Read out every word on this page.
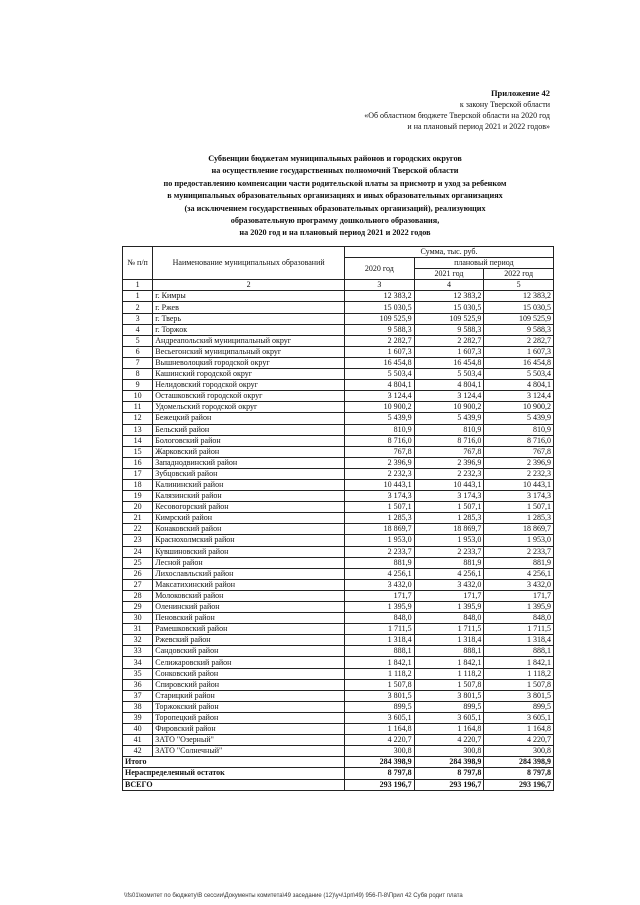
Приложение 42
к закону Тверской области
«Об областном бюджете Тверской области на 2020 год
и на плановый период 2021 и 2022 годов»
Субвенции бюджетам муниципальных районов и городских округов
на осуществление государственных полномочий Тверской области
по предоставлению компенсации части родительской платы за присмотр и уход за ребенком
в муниципальных образовательных организациях и иных образовательных организациях
(за исключением государственных образовательных организаций), реализующих
образовательную программу дошкольного образования,
на 2020 год и на плановый период 2021 и 2022 годов
№ п/п	Наименование муниципальных образований	Сумма, тыс. руб.		
		2020 год	плановый период	
			2021 год	2022 год
1	2	3	4	5
1	г. Кимры	12 383,2	12 383,2	12 383,2
2	г. Ржев	15 030,5	15 030,5	15 030,5
3	г. Тверь	109 525,9	109 525,9	109 525,9
4	г. Торжок	9 588,3	9 588,3	9 588,3
5	Андреапольский муниципальный округ	2 282,7	2 282,7	2 282,7
6	Весьегонский муниципальный округ	1 607,3	1 607,3	1 607,3
7	Вышневолоцкий городской округ	16 454,8	16 454,8	16 454,8
8	Кашинский городской округ	5 503,4	5 503,4	5 503,4
9	Нелидовский городской округ	4 804,1	4 804,1	4 804,1
10	Осташковский городской округ	3 124,4	3 124,4	3 124,4
11	Удомельский городской округ	10 900,2	10 900,2	10 900,2
12	Бежецкий район	5 439,9	5 439,9	5 439,9
13	Бельский район	810,9	810,9	810,9
14	Бологовский район	8 716,0	8 716,0	8 716,0
15	Жарковский район	767,8	767,8	767,8
16	Западнодвинский район	2 396,9	2 396,9	2 396,9
17	Зубцовский район	2 232,3	2 232,3	2 232,3
18	Калининский район	10 443,1	10 443,1	10 443,1
19	Калязинский район	3 174,3	3 174,3	3 174,3
20	Кесовогорский район	1 507,1	1 507,1	1 507,1
21	Кимрский район	1 285,3	1 285,3	1 285,3
22	Конаковский район	18 869,7	18 869,7	18 869,7
23	Краснохолмский район	1 953,0	1 953,0	1 953,0
24	Кувшиновский район	2 233,7	2 233,7	2 233,7
25	Лесной район	881,9	881,9	881,9
26	Лихославльский район	4 256,1	4 256,1	4 256,1
27	Максатихинский район	3 432,0	3 432,0	3 432,0
28	Молоковский район	171,7	171,7	171,7
29	Оленинский район	1 395,9	1 395,9	1 395,9
30	Пеновский район	848,0	848,0	848,0
31	Рамешковский район	1 711,5	1 711,5	1 711,5
32	Ржевский район	1 318,4	1 318,4	1 318,4
33	Сандовский район	888,1	888,1	888,1
34	Селижаровский район	1 842,1	1 842,1	1 842,1
35	Сонковский район	1 118,2	1 118,2	1 118,2
36	Спировский район	1 507,8	1 507,8	1 507,8
37	Старицкий район	3 801,5	3 801,5	3 801,5
38	Торжокский район	899,5	899,5	899,5
39	Торопецкий район	3 605,1	3 605,1	3 605,1
40	Фировский район	1 164,8	1 164,8	1 164,8
41	ЗАТО "Озерный"	4 220,7	4 220,7	4 220,7
42	ЗАТО "Солнечный"	300,8	300,8	300,8
Итого		284 398,9	284 398,9	284 398,9
Нераспределенный остаток		8 797,8	8 797,8	8 797,8
ВСЕГО		293 196,7	293 196,7	293 196,7
\\fs01\комитет по бюджету\В сессии\Документы комитета\49 заседание (12)\уч\1рп\49) 956-П-8\Прил 42 Субв родит плата
